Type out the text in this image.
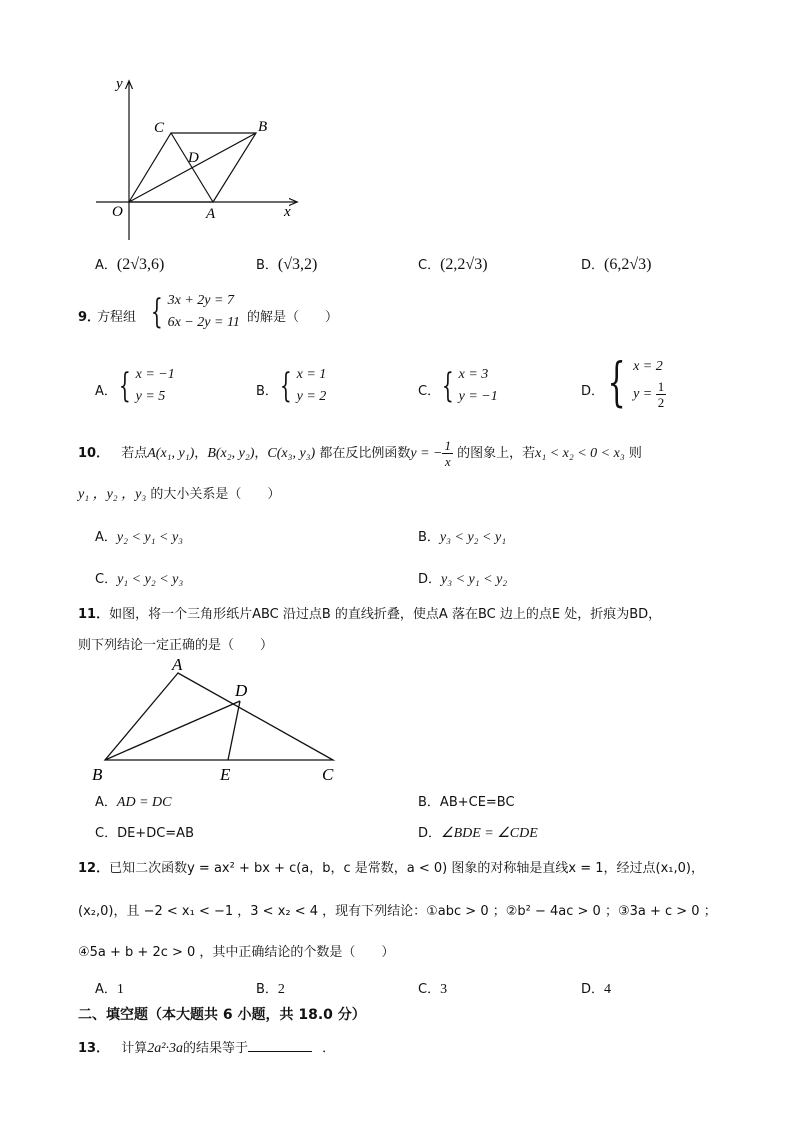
y
x
O	A
B
C
D
A．(2√3,6)	B．(√3,2)	C．(2,2√3)	D．(6,2√3)
9．
方程组 { 3x + 2y = 7
6x − 2y = 11 的解是（　　）
A． { x = −1
y = 5	B． { x = 1
y = 2	C． { x = 3
y = −1	D． { x = 2
$y = \frac{1}{2}$
10． 若点A(x₁, y₁)，B(x₂, y₂)，C(x₃, y₃) 都在反比例函数y = − $\frac{1}{x}$ 的图象上，若x₁ < x₂ < 0 < x₃ 则
y₁ ，y₂ ，y₃ 的大小关系是（　　）
A．y₂ < y₁ < y₃	B．y₃ < y₂ < y₁
C．y₁ < y₂ < y₃	D．y₃ < y₁ < y₂
11．如图，将一个三角形纸片ABC 沿过点B 的直线折叠，使点A 落在BC 边上的点E 处，折痕为BD，
则下列结论一定正确的是（　　）
A
B	C
D
E
A．AD = DC	B．AB+CE=BC
C．DE+DC=AB	D．∠BDE = ∠CDE
12．已知二次函数y = ax² + bx + c(a，b，c 是常数，a < 0) 图象的对称轴是直线x = 1，经过点(x₁,0)，
(x₂,0)，且 −2 < x₁ < −1 ，3 < x₂ < 4 ，现有下列结论：①abc > 0 ；②b² − 4ac > 0 ；③3a + c > 0 ；
④5a + b + 2c > 0 ，其中正确结论的个数是（　　）
A．1	B．2	C．3	D．4
二、填空题（本大题共 6 小题，共 18.0 分）
13． 计算2a²·3a的结果等于	．
